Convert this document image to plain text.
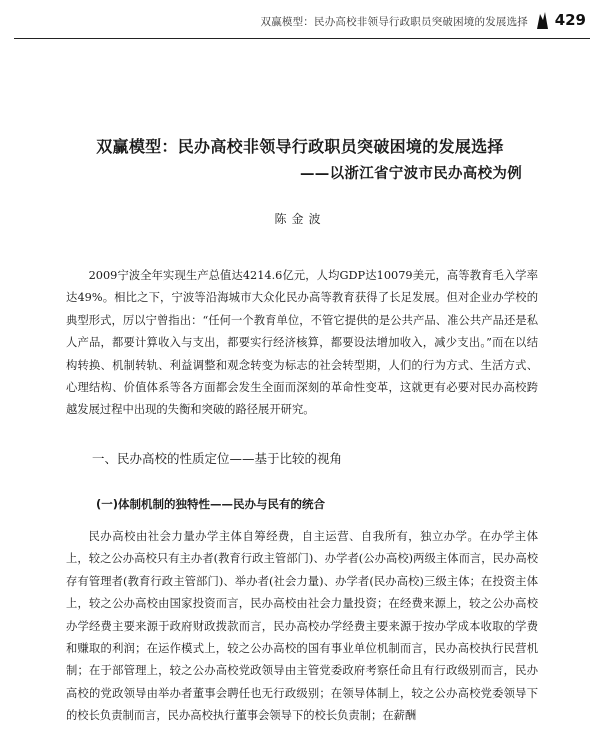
双赢模型：民办高校非领导行政职员突破困境的发展选择 429
双赢模型：民办高校非领导行政职员突破困境的发展选择
——以浙江省宁波市民办高校为例
陈金波

2009宁波全年实现生产总值达4214.6亿元，人均GDP达10079美元，高等教育毛入学率达49%。相比之下，宁波等沿海城市大众化民办高等教育获得了长足发展。但对企业办学校的典型形式，厉以宁曾指出：“任何一个教育单位，不管它提供的是公共产品、准公共产品还是私人产品，都要计算收入与支出，都要实行经济核算，都要设法增加收入，减少支出。”而在以结构转换、机制转轨、利益调整和观念转变为标志的社会转型期，人们的行为方式、生活方式、心理结构、价值体系等各方面都会发生全面而深刻的革命性变革，这就更有必要对民办高校跨越发展过程中出现的失衡和突破的路径展开研究。

一、民办高校的性质定位——基于比较的视角
(一)体制机制的独特性——民办与民有的统合

民办高校由社会力量办学主体自筹经费，自主运营、自我所有，独立办学。在办学主体上，较之公办高校只有主办者(教育行政主管部门)、办学者(公办高校)两级主体而言，民办高校存有管理者(教育行政主管部门)、举办者(社会力量)、办学者(民办高校)三级主体；在投资主体上，较之公办高校由国家投资而言，民办高校由社会力量投资；在经费来源上，较之公办高校办学经费主要来源于政府财政拨款而言，民办高校办学经费主要来源于按办学成本收取的学费和赚取的利润；在运作模式上，较之公办高校的国有事业单位机制而言，民办高校执行民营机制；在于部管理上，较之公办高校党政领导由主管党委政府考察任命且有行政级别而言，民办高校的党政领导由举办者董事会聘任也无行政级别；在领导体制上，较之公办高校党委领导下的校长负责制而言，民办高校执行董事会领导下的校长负责制；在薪酬
